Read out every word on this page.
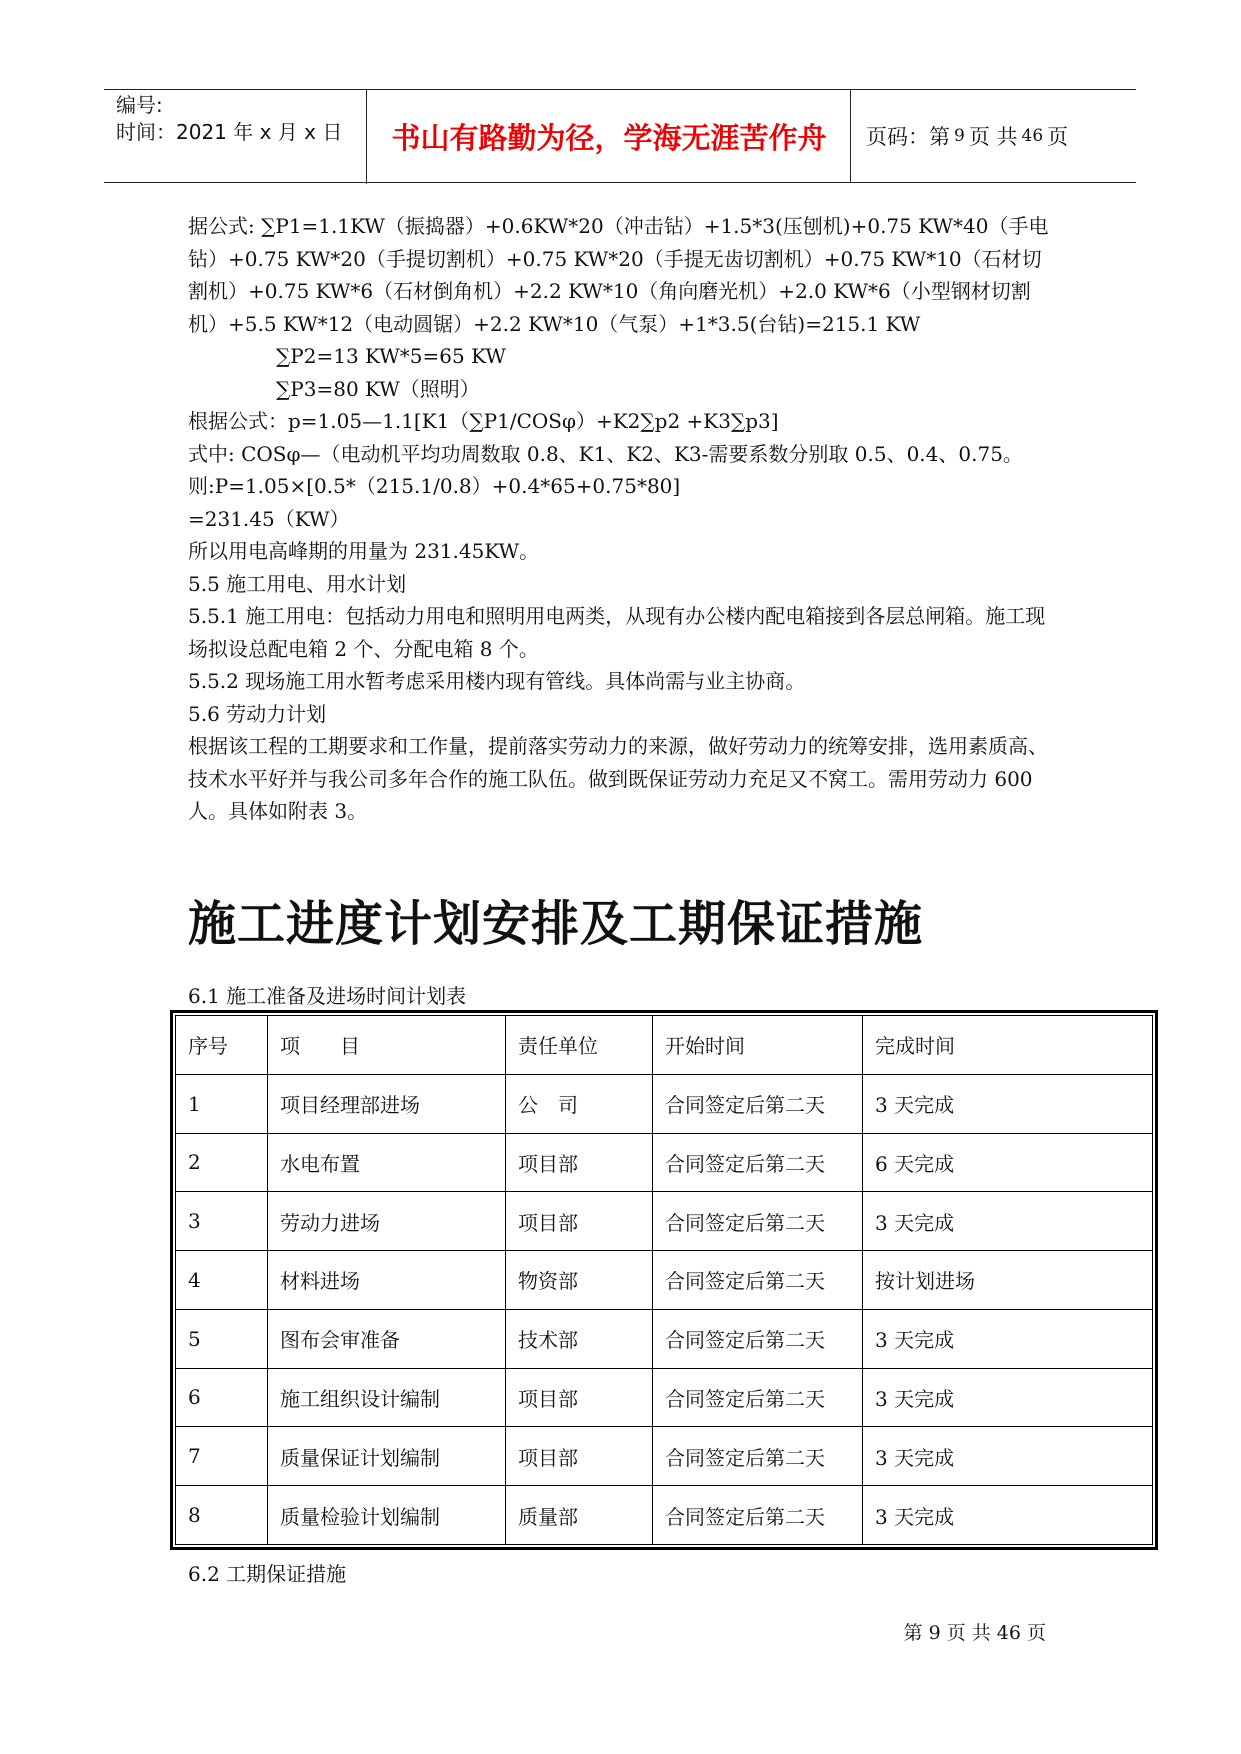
编号:
时间：2021 年 x 月 x 日	书山有路勤为径，学海无涯苦作舟	页码：第 9 页 共 46 页

据公式: ∑P1=1.1KW（振捣器）+0.6KW*20（冲击钻）+1.5*3(压刨机)+0.75 KW*40（手电钻）+0.75 KW*20（手提切割机）+0.75 KW*20（手提无齿切割机）+0.75 KW*10（石材切割机）+0.75 KW*6（石材倒角机）+2.2 KW*10（角向磨光机）+2.0 KW*6（小型钢材切割机）+5.5 KW*12（电动圆锯）+2.2 KW*10（气泵）+1*3.5(台钻)=215.1 KW

∑P2=13 KW*5=65 KW

∑P3=80 KW（照明）

根据公式：p=1.05—1.1[K1（∑P1/COSφ）+K2∑p2 +K3∑p3]

式中: COSφ—（电动机平均功周数取 0.8、K1、K2、K3-需要系数分别取 0.5、0.4、0.75。

则:P=1.05×[0.5*（215.1/0.8）+0.4*65+0.75*80]

=231.45（KW）

所以用电高峰期的用量为 231.45KW。

5.5 施工用电、用水计划

5.5.1 施工用电：包括动力用电和照明用电两类，从现有办公楼内配电箱接到各层总闸箱。施工现场拟设总配电箱 2 个、分配电箱 8 个。

5.5.2 现场施工用水暂考虑采用楼内现有管线。具体尚需与业主协商。

5.6 劳动力计划

根据该工程的工期要求和工作量，提前落实劳动力的来源，做好劳动力的统筹安排，选用素质高、技术水平好并与我公司多年合作的施工队伍。做到既保证劳动力充足又不窝工。需用劳动力 600 人。具体如附表 3。

施工进度计划安排及工期保证措施
6.1 施工准备及进场时间计划表
序号	项　　目	责任单位	开始时间	完成时间
1	项目经理部进场	公　司	合同签定后第二天	3 天完成
2	水电布置	项目部	合同签定后第二天	6 天完成
3	劳动力进场	项目部	合同签定后第二天	3 天完成
4	材料进场	物资部	合同签定后第二天	按计划进场
5	图布会审准备	技术部	合同签定后第二天	3 天完成
6	施工组织设计编制	项目部	合同签定后第二天	3 天完成
7	质量保证计划编制	项目部	合同签定后第二天	3 天完成
8	质量检验计划编制	质量部	合同签定后第二天	3 天完成
6.2 工期保证措施
第 9 页 共 46 页
